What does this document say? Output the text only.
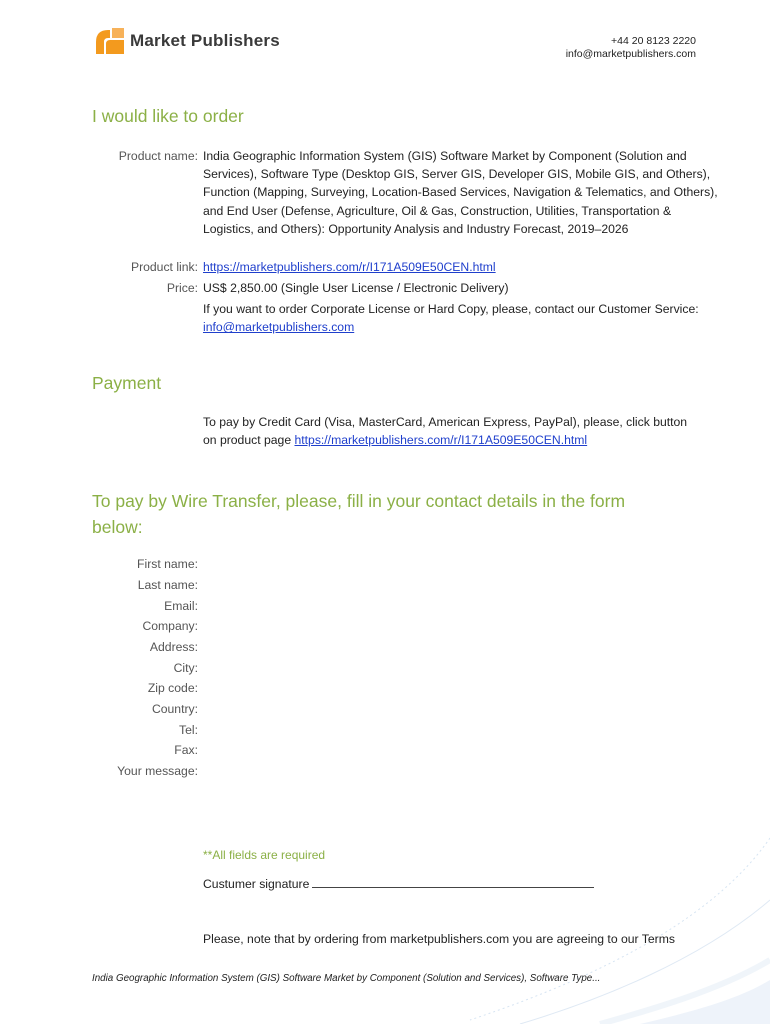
Market Publishers	+44 20 8123 2220
info@marketpublishers.com
I would like to order
Product name: India Geographic Information System (GIS) Software Market by Component (Solution and Services), Software Type (Desktop GIS, Server GIS, Developer GIS, Mobile GIS, and Others), Function (Mapping, Surveying, Location-Based Services, Navigation & Telematics, and Others), and End User (Defense, Agriculture, Oil & Gas, Construction, Utilities, Transportation & Logistics, and Others): Opportunity Analysis and Industry Forecast, 2019–2026
Product link: https://marketpublishers.com/r/I171A509E50CEN.html
Price: US$ 2,850.00 (Single User License / Electronic Delivery)
If you want to order Corporate License or Hard Copy, please, contact our Customer Service:
info@marketpublishers.com
Payment
To pay by Credit Card (Visa, MasterCard, American Express, PayPal), please, click button on product page https://marketpublishers.com/r/I171A509E50CEN.html
To pay by Wire Transfer, please, fill in your contact details in the form below:
First name:
Last name:
Email:
Company:
Address:
City:
Zip code:
Country:
Tel:
Fax:
Your message:
**All fields are required
Custumer signature
Please, note that by ordering from marketpublishers.com you are agreeing to our Terms
India Geographic Information System (GIS) Software Market by Component (Solution and Services), Software Type...
